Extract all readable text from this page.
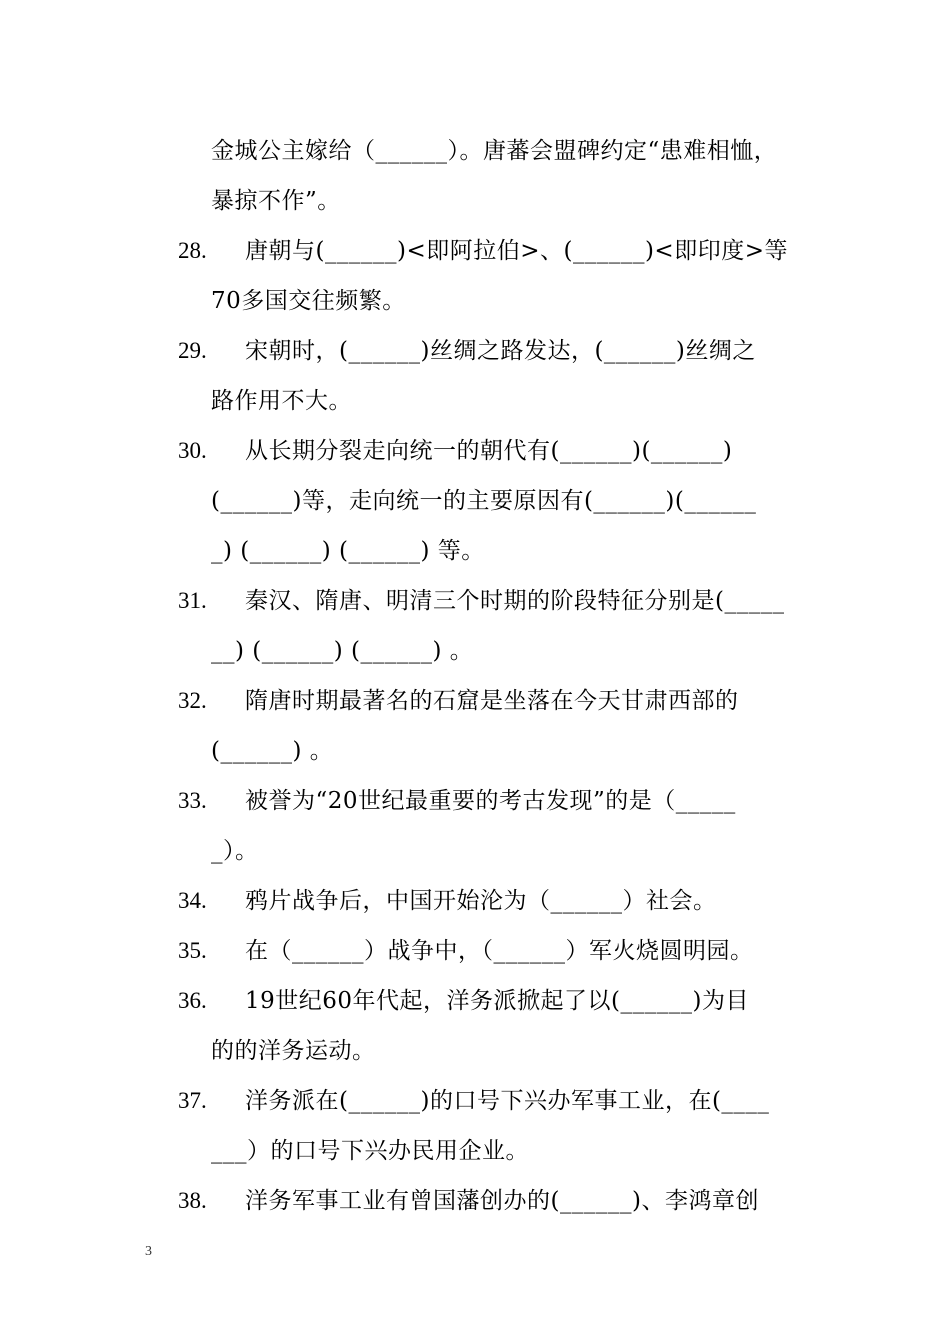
金城公主嫁给（______）。唐蕃会盟碑约定“患难相恤，
暴掠不作”。
28. 唐朝与(______)<即阿拉伯>、(______)<即印度>等
70多国交往频繁。
29. 宋朝时，(______)丝绸之路发达，(______)丝绸之
路作用不大。
30. 从长期分裂走向统一的朝代有(______)(______)
(______)等，走向统一的主要原因有(______)(______
_) (______) (______) 等。
31. 秦汉、隋唐、明清三个时期的阶段特征分别是(_____
__) (______) (______) 。
32. 隋唐时期最著名的石窟是坐落在今天甘肃西部的
(______) 。
33. 被誉为“20世纪最重要的考古发现”的是（_____
_）。
34. 鸦片战争后，中国开始沦为（______）社会。
35. 在（______）战争中，（______）军火烧圆明园。
36. 19世纪60年代起，洋务派掀起了以(______)为目
的的洋务运动。
37. 洋务派在(______)的口号下兴办军事工业，在(____
___）的口号下兴办民用企业。
38. 洋务军事工业有曾国藩创办的(______)、李鸿章创
3
